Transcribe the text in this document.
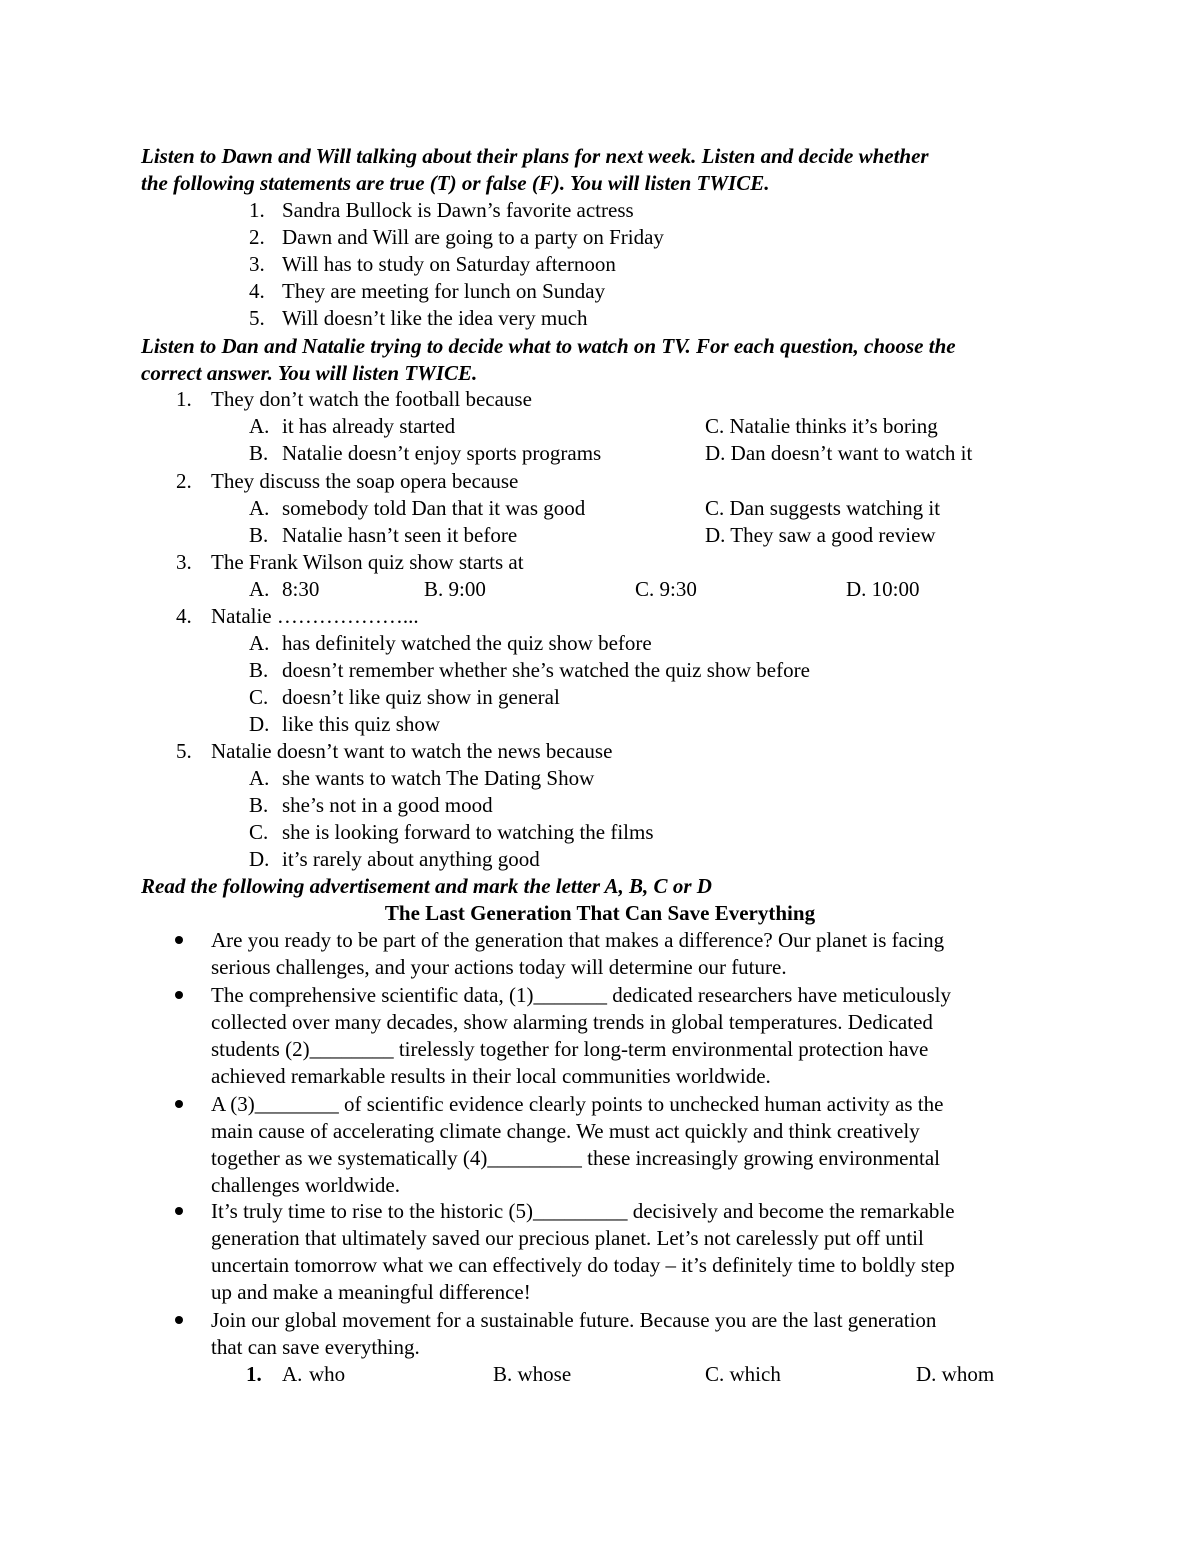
Listen to Dawn and Will talking about their plans for next week. Listen and decide whether
the following statements are true (T) or false (F). You will listen TWICE.
1. Sandra Bullock is Dawn’s favorite actress
2. Dawn and Will are going to a party on Friday
3. Will has to study on Saturday afternoon
4. They are meeting for lunch on Sunday
5. Will doesn’t like the idea very much
Listen to Dan and Natalie trying to decide what to watch on TV. For each question, choose the
correct answer. You will listen TWICE.
1. They don’t watch the football because
A. it has already started	C. Natalie thinks it’s boring
B. Natalie doesn’t enjoy sports programs	D. Dan doesn’t want to watch it
2. They discuss the soap opera because
A. somebody told Dan that it was good	C. Dan suggests watching it
B. Natalie hasn’t seen it before	D. They saw a good review
3. The Frank Wilson quiz show starts at
A. 8:30	B. 9:00	C. 9:30	D. 10:00
4. Natalie ………………...
A. has definitely watched the quiz show before
B. doesn’t remember whether she’s watched the quiz show before
C. doesn’t like quiz show in general
D. like this quiz show
5. Natalie doesn’t want to watch the news because
A. she wants to watch The Dating Show
B. she’s not in a good mood
C. she is looking forward to watching the films
D. it’s rarely about anything good
Read the following advertisement and mark the letter A, B, C or D
The Last Generation That Can Save Everything
Are you ready to be part of the generation that makes a difference? Our planet is facing
serious challenges, and your actions today will determine our future.
The comprehensive scientific data, (1)_______ dedicated researchers have meticulously
collected over many decades, show alarming trends in global temperatures. Dedicated
students (2)________ tirelessly together for long-term environmental protection have
achieved remarkable results in their local communities worldwide.
A (3)________ of scientific evidence clearly points to unchecked human activity as the
main cause of accelerating climate change. We must act quickly and think creatively
together as we systematically (4)_________ these increasingly growing environmental
challenges worldwide.
It’s truly time to rise to the historic (5)_________ decisively and become the remarkable
generation that ultimately saved our precious planet. Let’s not carelessly put off until
uncertain tomorrow what we can effectively do today – it’s definitely time to boldly step
up and make a meaningful difference!
Join our global movement for a sustainable future. Because you are the last generation
that can save everything.
1. A. who	B. whose	C. which	D. whom
